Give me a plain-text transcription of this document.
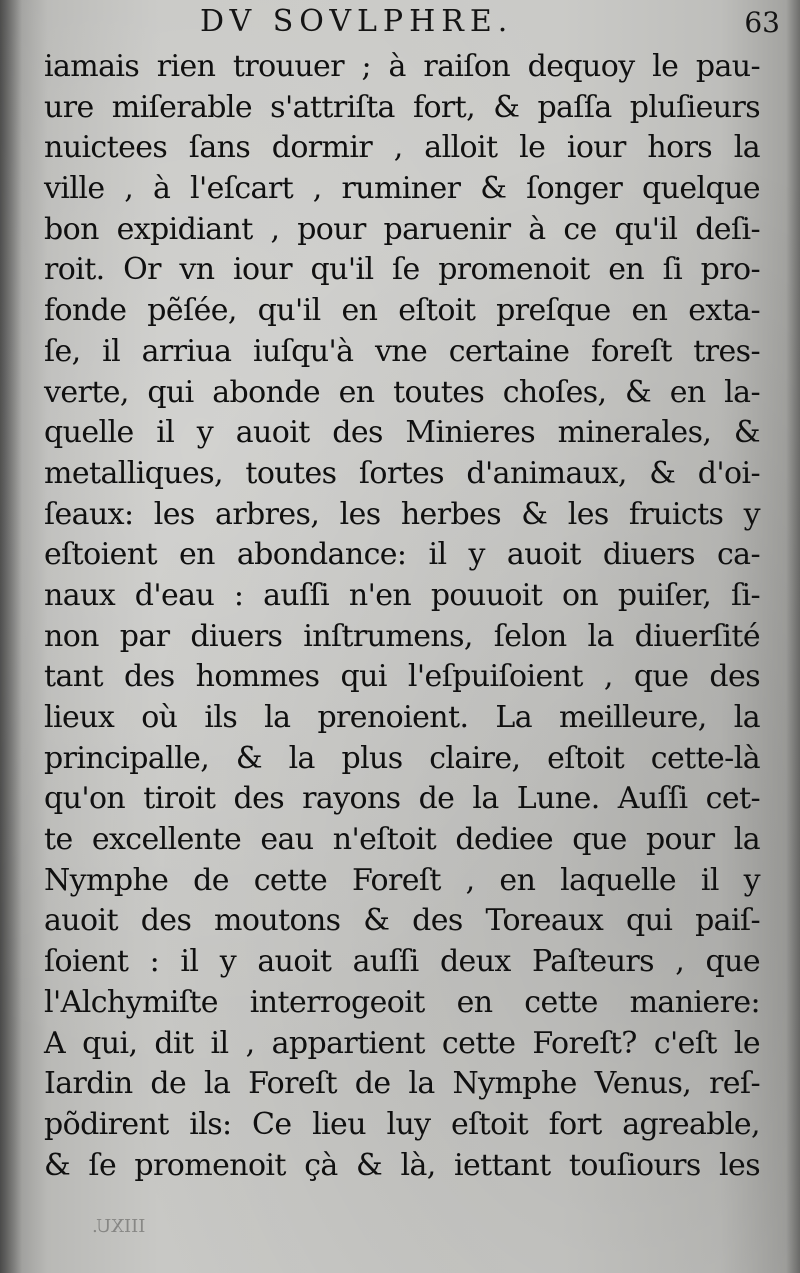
DV SOVLPHRE.	63
iamais rien trouuer ; à raiſon dequoy le pau-
ure miſerable s'attriſta fort, & paſſa pluſieurs
nuictees ſans dormir , alloit le iour hors la
ville , à l'eſcart , ruminer & ſonger quelque
bon expidiant , pour paruenir à ce qu'il deſi-
roit. Or vn iour qu'il ſe promenoit en ſi pro-
fonde pẽſée, qu'il en eſtoit preſque en exta-
ſe, il arriua iuſqu'à vne certaine foreſt tres-
verte, qui abonde en toutes choſes, & en la-
quelle il y auoit des Minieres minerales, &
metalliques, toutes ſortes d'animaux, & d'oi-
ſeaux: les arbres, les herbes & les fruicts y
eſtoient en abondance: il y auoit diuers ca-
naux d'eau : auſſi n'en pouuoit on puiſer, ſi-
non par diuers inſtrumens, ſelon la diuerſité
tant des hommes qui l'eſpuiſoient , que des
lieux où ils la prenoient. La meilleure, la
principalle, & la plus claire, eſtoit cette-là
qu'on tiroit des rayons de la Lune. Auſſi cet-
te excellente eau n'eſtoit dediee que pour la
Nymphe de cette Foreſt , en laquelle il y
auoit des moutons & des Toreaux qui paiſ-
ſoient : il y auoit auſſi deux Paſteurs , que
l'Alchymiſte interrogeoit en cette maniere:
A qui, dit il , appartient cette Foreſt? c'eſt le
Iardin de la Foreſt de la Nymphe Venus, reſ-
põdirent ils: Ce lieu luy eſtoit fort agreable,
& ſe promenoit çà & là, iettant touſiours les
IIIXU.
